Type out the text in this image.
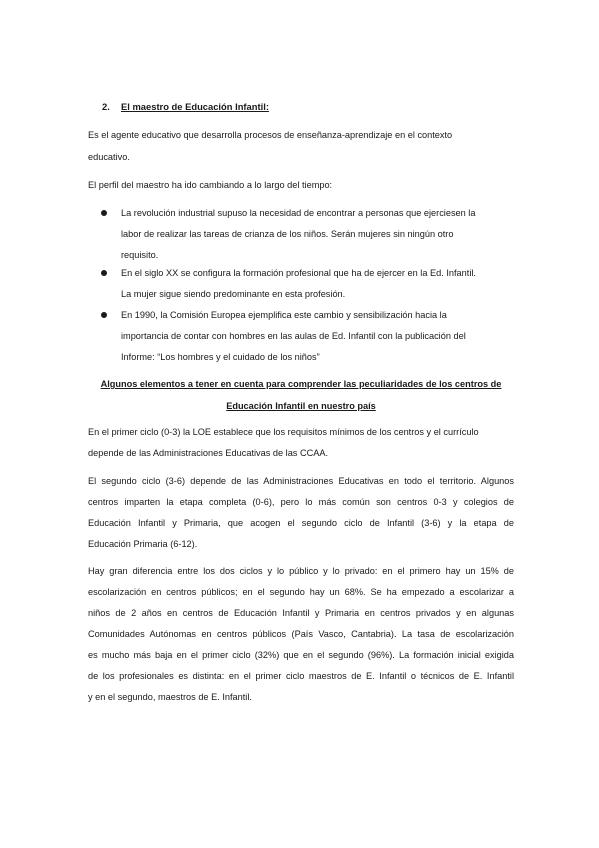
2. El maestro de Educación Infantil:

Es el agente educativo que desarrolla procesos de enseñanza-aprendizaje en el contexto

educativo.

El perfil del maestro ha ido cambiando a lo largo del tiempo:

La revolución industrial supuso la necesidad de encontrar a personas que ejerciesen la

labor de realizar las tareas de crianza de los niños. Serán mujeres sin ningún otro

requisito.

En el siglo XX se configura la formación profesional que ha de ejercer en la Ed. Infantil.

La mujer sigue siendo predominante en esta profesión.

En 1990, la Comisión Europea ejemplifica este cambio y sensibilización hacia la

importancia de contar con hombres en las aulas de Ed. Infantil con la publicación del

Informe: “Los hombres y el cuidado de los niños”

Algunos elementos a tener en cuenta para comprender las peculiaridades de los centros de

Educación Infantil en nuestro país

En el primer ciclo (0-3) la LOE establece que los requisitos mínimos de los centros y el currículo

depende de las Administraciones Educativas de las CCAA.

El segundo ciclo (3-6) depende de las Administraciones Educativas en todo el territorio. Algunos

centros imparten la etapa completa (0-6), pero lo más común son centros 0-3 y colegios de

Educación Infantil y Primaria, que acogen el segundo ciclo de Infantil (3-6) y la etapa de

Educación Primaria (6-12).

Hay gran diferencia entre los dos ciclos y lo público y lo privado: en el primero hay un 15% de

escolarización en centros públicos; en el segundo hay un 68%. Se ha empezado a escolarizar a

niños de 2 años en centros de Educación Infantil y Primaria en centros privados y en algunas

Comunidades Autónomas en centros públicos (País Vasco, Cantabria). La tasa de escolarización

es mucho más baja en el primer ciclo (32%) que en el segundo (96%). La formación inicial exigida

de los profesionales es distinta: en el primer ciclo maestros de E. Infantil o técnicos de E. Infantil

y en el segundo, maestros de E. Infantil.
